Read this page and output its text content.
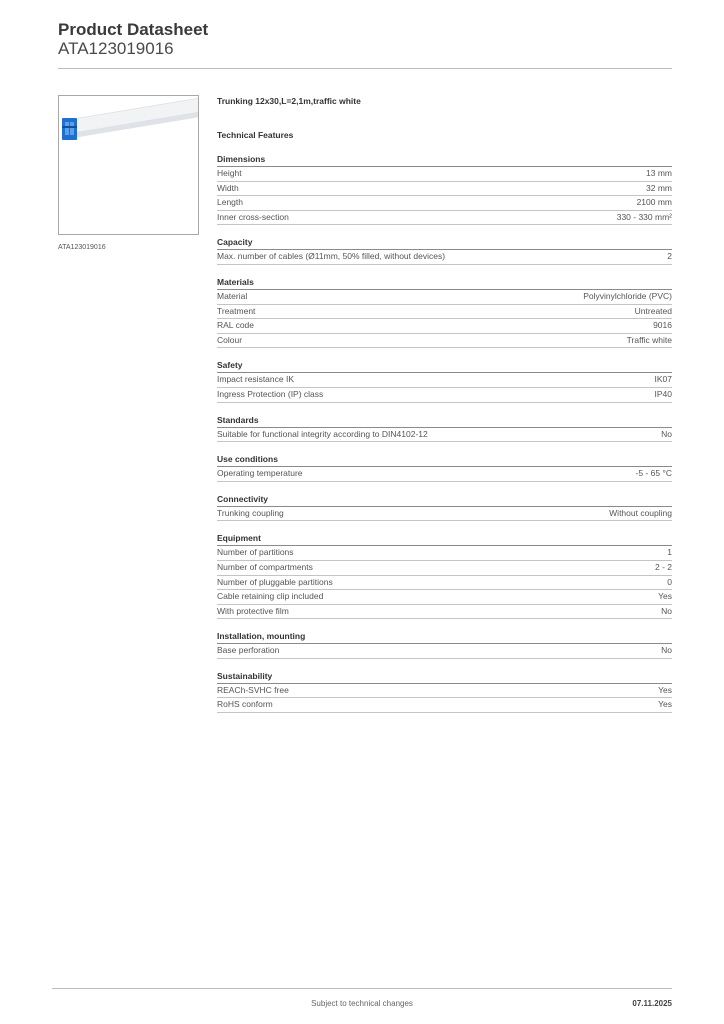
Product Datasheet
ATA123019016
ATA123019016
Trunking 12x30,L=2,1m,traffic white
Technical Features
Dimensions
Height	13 mm
Width	32 mm
Length	2100 mm
Inner cross-section	330 - 330 mm²
Capacity
Max. number of cables (Ø11mm, 50% filled, without devices)	2
Materials
Material	Polyvinylchloride (PVC)
Treatment	Untreated
RAL code	9016
Colour	Traffic white
Safety
Impact resistance IK	IK07
Ingress Protection (IP) class	IP40
Standards
Suitable for functional integrity according to DIN4102-12	No
Use conditions
Operating temperature	-5 - 65 °C
Connectivity
Trunking coupling	Without coupling
Equipment
Number of partitions	1
Number of compartments	2 - 2
Number of pluggable partitions	0
Cable retaining clip included	Yes
With protective film	No
Installation, mounting
Base perforation	No
Sustainability
REACh-SVHC free	Yes
RoHS conform	Yes
Subject to technical changes	07.11.2025
